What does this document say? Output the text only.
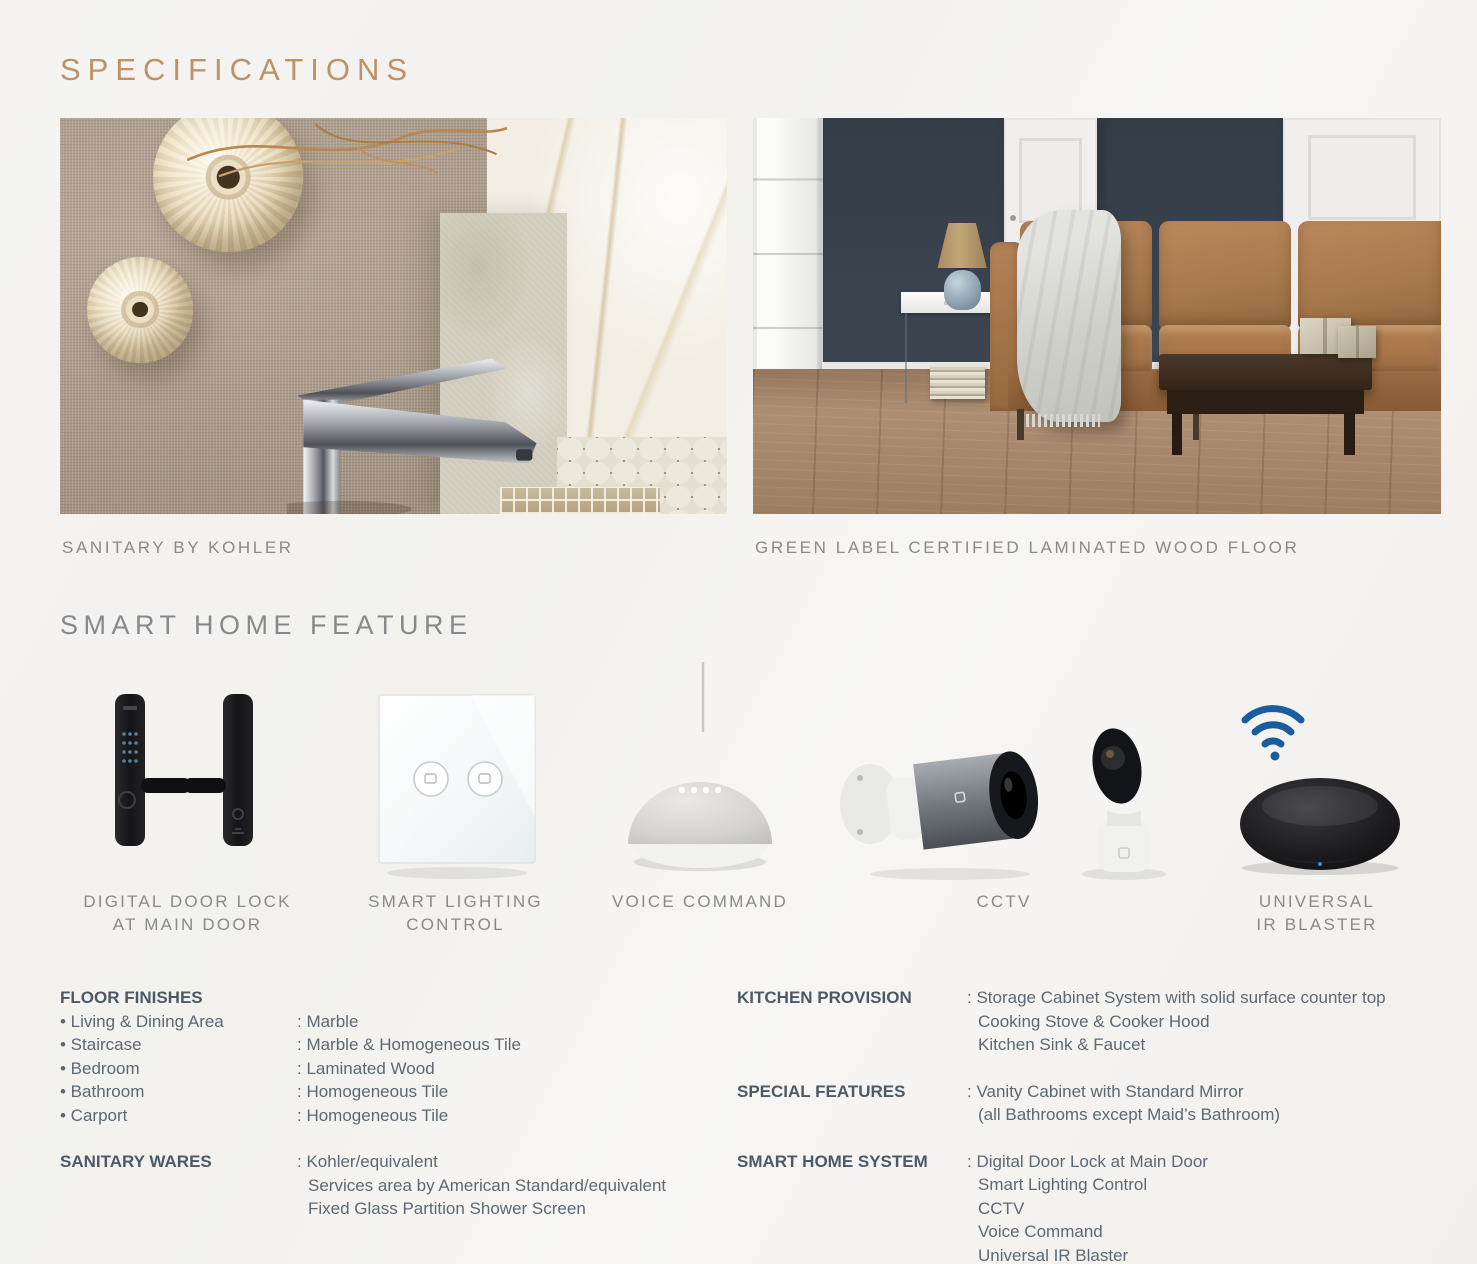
SPECIFICATIONS
SANITARY BY KOHLER	GREEN LABEL CERTIFIED LAMINATED WOOD FLOOR
SMART HOME FEATURE
DIGITAL DOOR LOCK
AT MAIN DOOR
SMART LIGHTING
CONTROL
VOICE COMMAND	CCTV	UNIVERSAL
IR BLASTER
FLOOR FINISHES
• Living & Dining Area	: Marble
• Staircase	: Marble & Homogeneous Tile
• Bedroom	: Laminated Wood
• Bathroom	: Homogeneous Tile
• Carport	: Homogeneous Tile
SANITARY WARES	: Kohler/equivalent
Services area by American Standard/equivalent
Fixed Glass Partition Shower Screen
KITCHEN PROVISION	: Storage Cabinet System with solid surface counter top
Cooking Stove & Cooker Hood
Kitchen Sink & Faucet
SPECIAL FEATURES	: Vanity Cabinet with Standard Mirror
(all Bathrooms except Maid’s Bathroom)
SMART HOME SYSTEM	: Digital Door Lock at Main Door
Smart Lighting Control
CCTV
Voice Command
Universal IR Blaster
